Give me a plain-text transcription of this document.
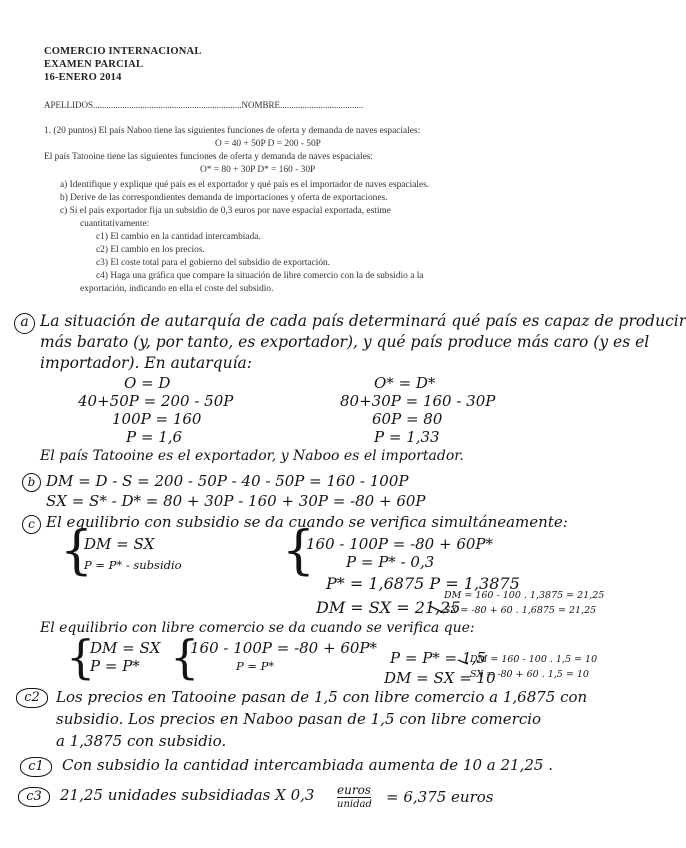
COMERCIO INTERNACIONAL
EXAMEN PARCIAL
16-ENERO 2014
APELLIDOS..................................................................NOMBRE.....................................
1. (20 puntos) El país Naboo tiene las siguientes funciones de oferta y demanda de naves espaciales:
O = 40 + 50P D = 200 - 50P
El país Tatooine tiene las siguientes funciones de oferta y demanda de naves espaciales:
O* = 80 + 30P D* = 160 - 30P
a) Identifique y explique qué país es el exportador y qué país es el importador de naves espaciales.
b) Derive de las correspondientes demanda de importaciones y oferta de exportaciones.
c) Si el país exportador fija un subsidio de 0,3 euros por nave espacial exportada, estime
cuantitativamente:
c1) El cambio en la cantidad intercambiada.
c2) El cambio en los precios.
c3) El coste total para el gobierno del subsidio de exportación.
c4) Haga una gráfica que compare la situación de libre comercio con la de subsidio a la
exportación, indicando en ella el coste del subsidio.
a La situación de autarquía de cada país determinará qué país es capaz de producir
más barato (y, por tanto, es exportador), y qué país produce más caro (y es el
importador). En autarquía:
O = D
40+50P = 200 - 50P
100P = 160
P = 1,6
O* = D*
80+30P = 160 - 30P
60P = 80
P = 1,33
El país Tatooine es el exportador, y Naboo es el importador.
b DM = D - S = 200 - 50P - 40 - 50P = 160 - 100P
SX = S* - D* = 80 + 30P - 160 + 30P = -80 + 60P
c El equilibrio con subsidio se da cuando se verifica simultáneamente:
{
DM = SX
P = P* - subsidio {
160 - 100P = -80 + 60P*
P = P* - 0,3
P* = 1,6875 P = 1,3875
DM = SX = 21,25
DM = 160 - 100 . 1,3875 = 21,25
SX = -80 + 60 . 1,6875 = 21,25
El equilibrio con libre comercio se da cuando se verifica que:
{
DM = SX
P = P* {
160 - 100P = -80 + 60P*
P = P*	P = P* = 1,5
DM = SX = 10
DM = 160 - 100 . 1,5 = 10
SX = -80 + 60 . 1,5 = 10
c2	Los precios en Tatooine pasan de 1,5 con libre comercio a 1,6875 con
subsidio. Los precios en Naboo pasan de 1,5 con libre comercio
a 1,3875 con subsidio.
c1	Con subsidio la cantidad intercambiada aumenta de 10 a 21,25 .
c3	21,25 unidades subsidiadas X 0,3 euros
unidad = 6,375 euros
